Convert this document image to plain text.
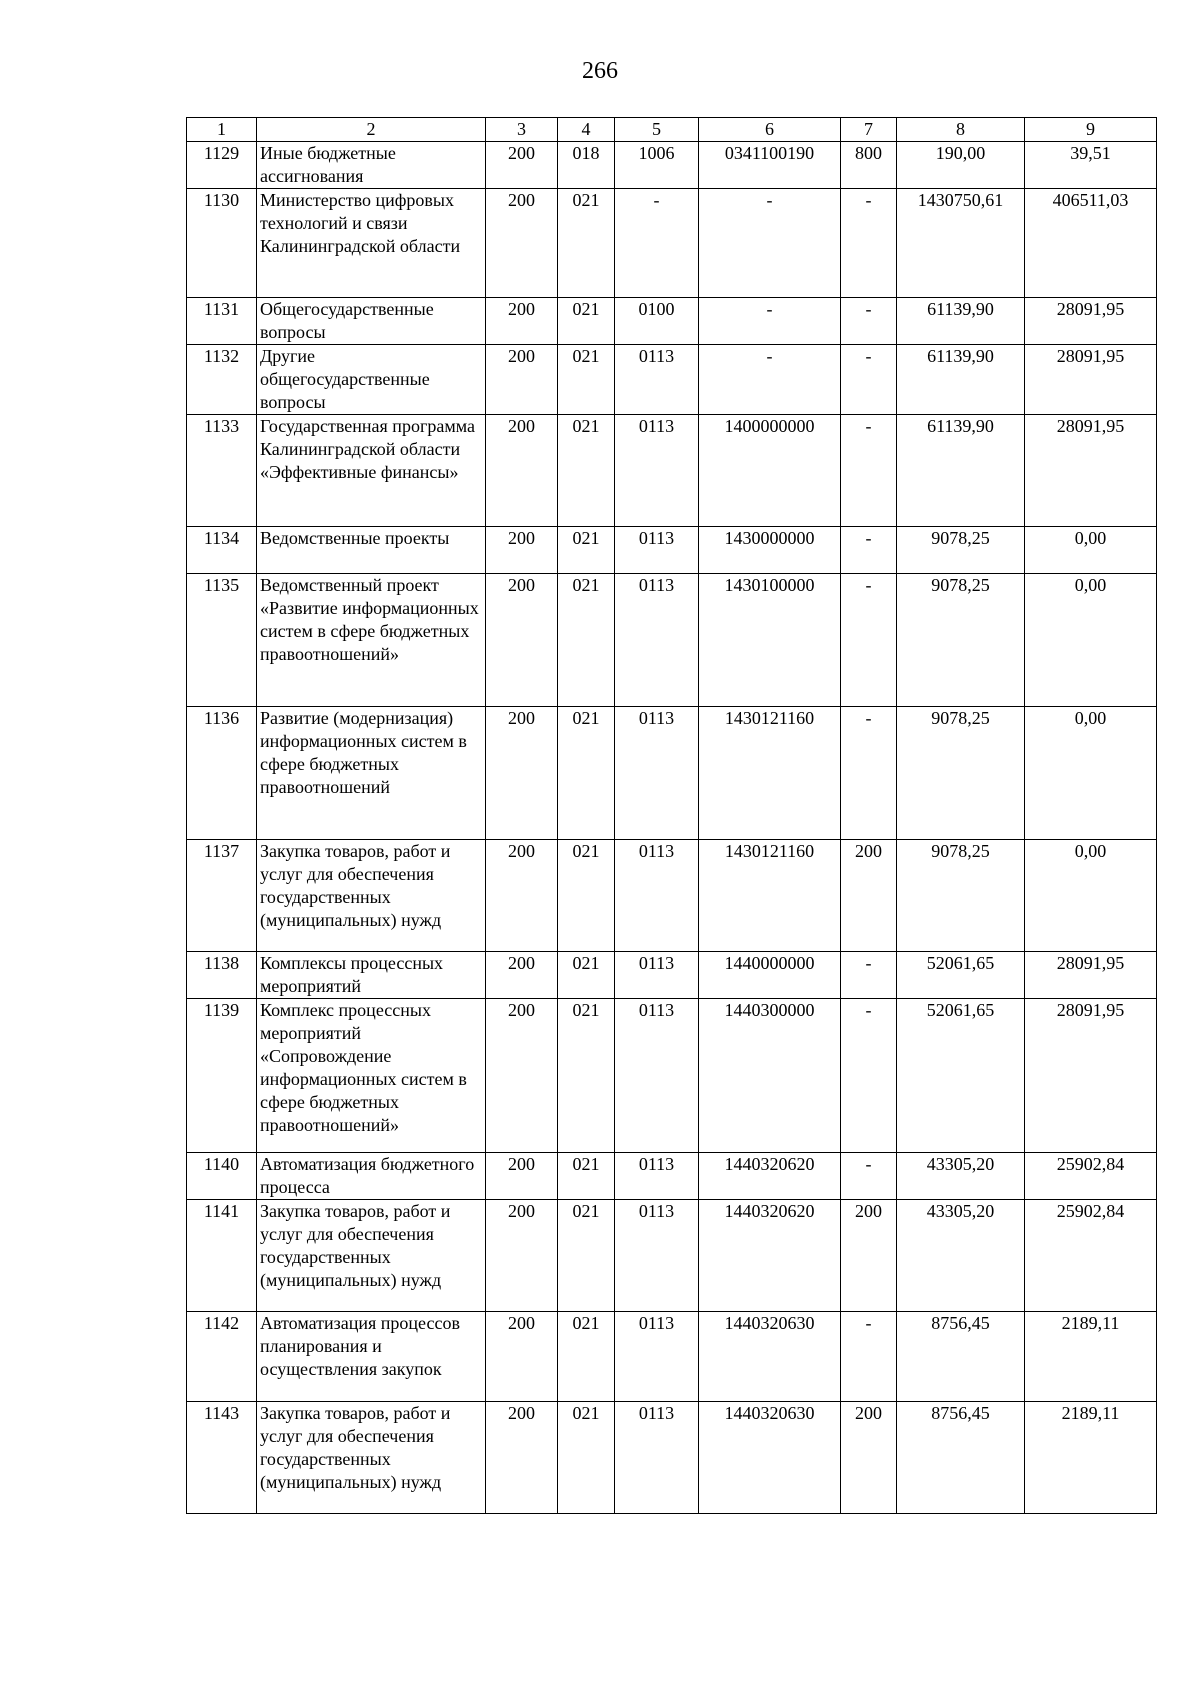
266
1	2	3	4	5	6	7	8	9
1129	Иные бюджетные ассигнования	200	018	1006	0341100190	800	190,00	39,51
1130	Министерство цифровых технологий и связи Калининградской области	200	021	-	-	-	1430750,61	406511,03
1131	Общегосударственные вопросы	200	021	0100	-	-	61139,90	28091,95
1132	Другие общегосударственные вопросы	200	021	0113	-	-	61139,90	28091,95
1133	Государственная программа Калининградской области «Эффективные финансы»	200	021	0113	1400000000	-	61139,90	28091,95
1134	Ведомственные проекты	200	021	0113	1430000000	-	9078,25	0,00
1135	Ведомственный проект «Развитие информационных систем в сфере бюджетных правоотношений»	200	021	0113	1430100000	-	9078,25	0,00
1136	Развитие (модернизация) информационных систем в сфере бюджетных правоотношений	200	021	0113	1430121160	-	9078,25	0,00
1137	Закупка товаров, работ и услуг для обеспечения государственных (муниципальных) нужд	200	021	0113	1430121160	200	9078,25	0,00
1138	Комплексы процессных мероприятий	200	021	0113	1440000000	-	52061,65	28091,95
1139	Комплекс процессных мероприятий «Сопровождение информационных систем в сфере бюджетных правоотношений»	200	021	0113	1440300000	-	52061,65	28091,95
1140	Автоматизация бюджетного процесса	200	021	0113	1440320620	-	43305,20	25902,84
1141	Закупка товаров, работ и услуг для обеспечения государственных (муниципальных) нужд	200	021	0113	1440320620	200	43305,20	25902,84
1142	Автоматизация процессов планирования и осуществления закупок	200	021	0113	1440320630	-	8756,45	2189,11
1143	Закупка товаров, работ и услуг для обеспечения государственных (муниципальных) нужд	200	021	0113	1440320630	200	8756,45	2189,11
